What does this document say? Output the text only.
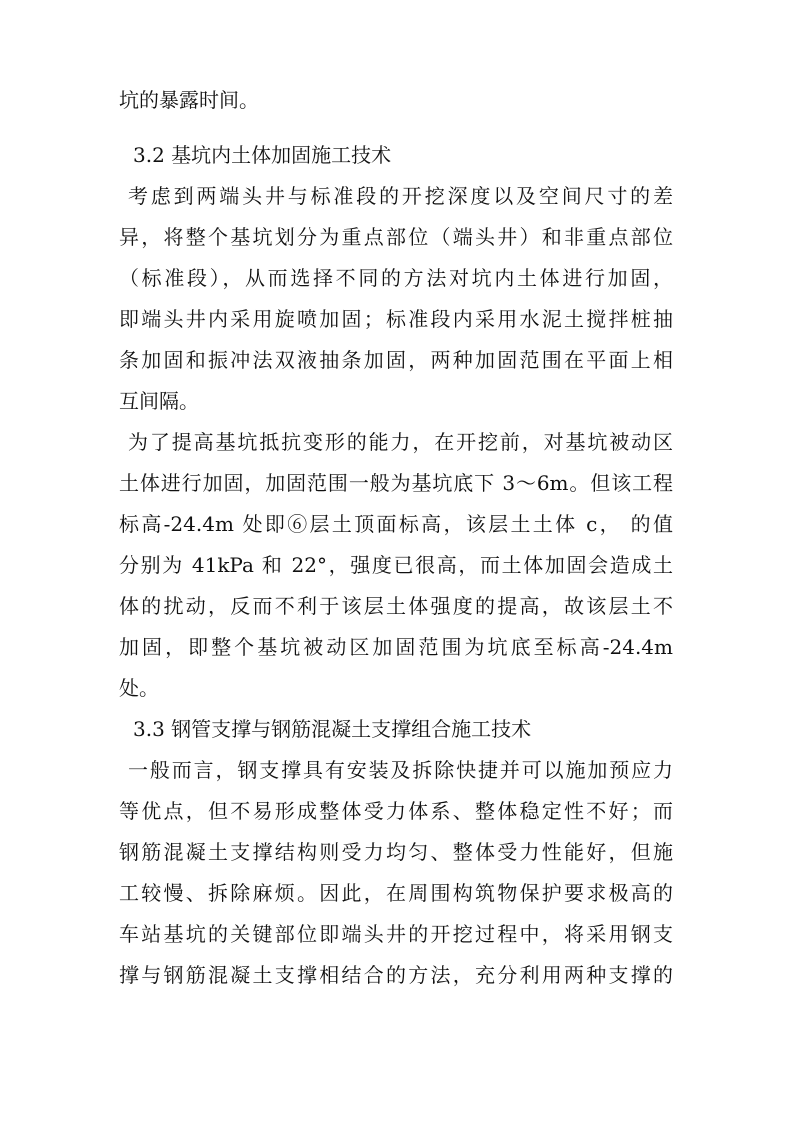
坑的暴露时间。
3.2 基坑内土体加固施工技术
考虑到两端头井与标准段的开挖深度以及空间尺寸的差
异，将整个基坑划分为重点部位（端头井）和非重点部位
（标准段），从而选择不同的方法对坑内土体进行加固，
即端头井内采用旋喷加固；标准段内采用水泥土搅拌桩抽
条加固和振冲法双液抽条加固，两种加固范围在平面上相
互间隔。
为了提高基坑抵抗变形的能力，在开挖前，对基坑被动区
土体进行加固，加固范围一般为基坑底下 3～6m。但该工程
标高-24.4m 处即⑥层土顶面标高，该层土土体 c， 的值
分别为 41kPa 和 22°，强度已很高，而土体加固会造成土
体的扰动，反而不利于该层土体强度的提高，故该层土不
加固，即整个基坑被动区加固范围为坑底至标高-24.4m
处。
3.3 钢管支撑与钢筋混凝土支撑组合施工技术
一般而言，钢支撑具有安装及拆除快捷并可以施加预应力
等优点，但不易形成整体受力体系、整体稳定性不好；而
钢筋混凝土支撑结构则受力均匀、整体受力性能好，但施
工较慢、拆除麻烦。因此，在周围构筑物保护要求极高的
车站基坑的关键部位即端头井的开挖过程中，将采用钢支
撑与钢筋混凝土支撑相结合的方法，充分利用两种支撑的
